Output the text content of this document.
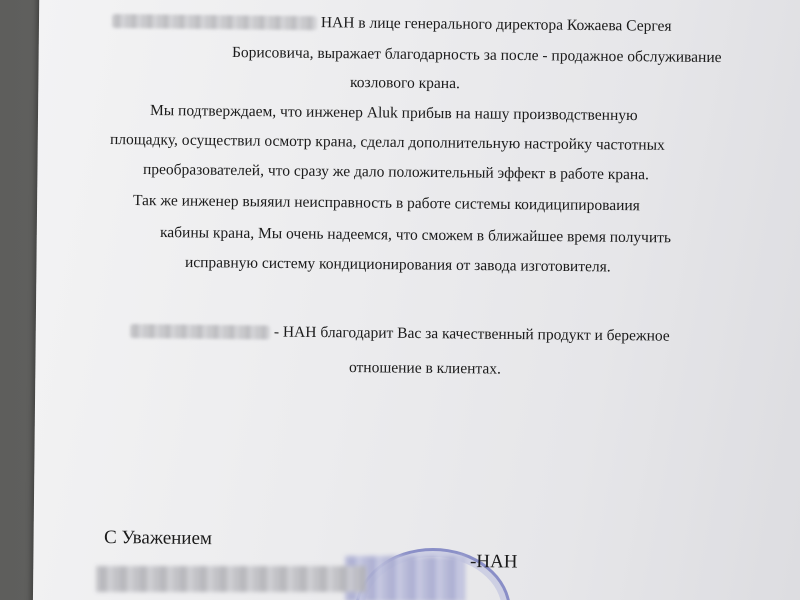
НАН в лице генерального директора Кожаева Сергея
Борисовича, выражает благодарность за после - продажное обслуживание
козлового крана.
Мы подтверждаем, что инженер Aluk прибыв на нашу производственную
площадку, осуществил осмотр крана, сделал дополнительную настройку частотных
преобразователей, что сразу же дало положительный эффект в работе крана.
Так же инженер выяяил неисправность в работе системы коидиципироваиия
кабины крана, Мы очень надеемся, что сможем в ближайшее время получить
исправную систему кондиционирования от завода изготовителя.
- НАН благодарит Вас за качественный продукт и бережное
отношение в клиентах.
С Уважением
-НАН
